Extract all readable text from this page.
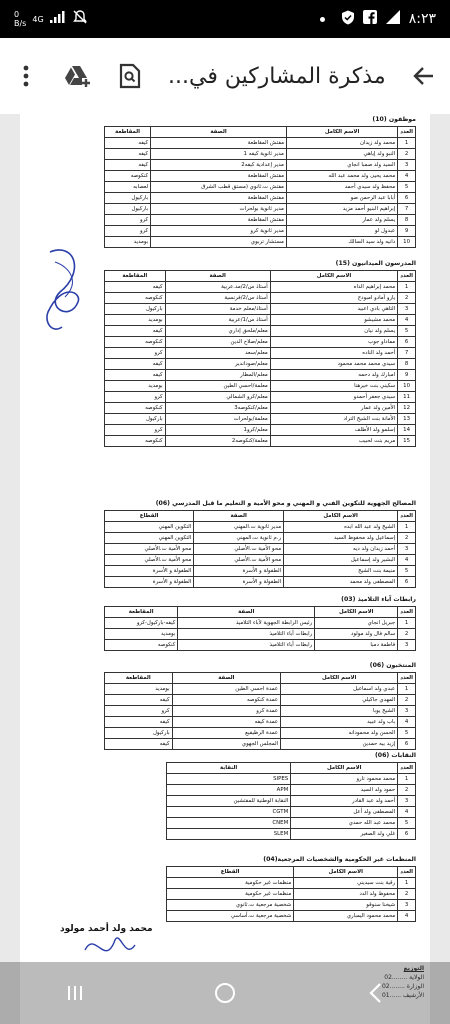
0
B/s 4G	٨:٢٣
مذكرة المشاركين في...
موظفون (10)
العدد	الاسم الكامل	الصفة	المقاطعة
1	محمد ولد زيدان	مفتش المقاطعة	كيفه
2	النبو ولد إياهي	مدير ثانوية كيفه 1	كيفه
3	السيد ولد صمبا انجاي	مدير إعدادية كيفه2	كيفه
4	محمد يحيى ولد محمد عبد الله	مفتش المقاطعة	كنكوصه
5	محفظ ولد سيدي أحمد	مفتش ت.ثانوي (مستق قطب الشرق	لعصابه
6	أبابا عبد الرحمن صو	مفتش المقاطعة	باركيول
7	إبراهيم البنيو أحمد مزيد	مدير ثانوية بولحرات	باركيول
8	يسلم ولد عمار	مفتش المقاطعة	كرو
9	عبدول لو	مدير ثانوية كرو	كرو
10	دانيه ولد سيد السالك	مستشار تربوي	بومديد
المدرسون الميدانيون (15)
العدد	الاسم الكامل	الصفة	المقاطعة
1	محمد إبراهيم الداه	أستاذ س/2/مد.عربية	كيفه
2	يارو آمادو امبودج	أستاذ س/2/فرنسية	كنكوصه
3	التاهي بادي اعبيد	أستاذ/معلم خدمة	باركيول
4	محمد مشيشو	أستاذ س/1/عربية	بومديد
5	يسلم ولد نيان	معلم/ملحق إداري	كيفه
6	مماداو جوب	معلم/صلاح الدين	كنكوصه
7	أحمد ولد الناده	معلم/سعد	كرو
8	سيدي محمد محمد محمود	معلم/صوداندير	كيفه
9	امبارك ولد دحمه	معلم/المطار	كيفه
10	سكيني بنت خيرهنا	معلمة/احسي الطين	بومديد
11	سيدي جعفر أحمدو	معلم/كرو الشمالي	كرو
12	الأمين ولد عمار	معلم/كنكوصه3	كنكوصه
13	الأمانة بنت الشيخ التراد	معلمة/بولحرات	باركيول
14	إسلمو ولد الأطلف	معلم/كرو1	كرو
15	مريم بنت لحبيب	معلمة/كنكوصه2	كنكوصه
المصالح الجهوية للتكوين الفني و المهني و محو الأمية و التعليم ما قبل المدرسي (06)
العدد	الاسم الكامل	الصفة	القطاع
1	الشيخ ولد عبد الله ابده	مدير ثانوية ت.المهني	التكوين المهني
2	إسماعيل ولد محفوظ السيد	ر.م ثانوية ت.المهني	التكوين المهني
3	أحمد زيدان ولد ديه	محو الأمية ت.الأصلي	محو الأمية ت.الأصلي
4	البشير ولد إسماعيل	محو الأمية ت.الأصلي	محو الأمية ت.الأصلي
5	منيمة بنت الشيخ	الطفولة و الأسرة	الطفولة و الأسرة
6	المصطفى ولد محمد	الطفولة و الأسرة	الطفولة و الأسرة
رابطات آباء التلاميذ (03)
العدد	الاسم الكامل	الصفة	المقاطعة
1	جبريل انجاي	رئيس الرابطة الجهوية لآباء التلاميذ	كيفه-باركيول-كرو
2	سالم فال ولد مولود	رابطات آباء التلاميذ	بومديد
3	فاطمة دمبا	رابطات آباء التلاميذ	كنكوصه
المنتخبون (06)
العدد	الاسم الكامل	الصفة	المقاطعة
1	عبدي ولد اسماعيل	عمدة احسي الطين	بومديد
2	المهدي جاكيلي	عمدة كنكوصه	كيفه
3	الشيخ يوبا	عمدة كرو	كرو
4	باب ولد عبيد	عمدة كيفه	كيفه
5	الحسن ولد محمودانه	عمدة الرظيفيع	باركيول
6	إزيد بيه حمدين	المجلس الجهوي	كيفه
النقابات (06)
العدد	الاسم الكامل	النقابة
1	محمد محمود تارو	SIPES
2	حمود ولد السيد	APM
3	أحمد ولد عبد القادر	النقابة الوطنية للمفتشين
4	المصطفى ولد أعل	CGTM
5	محمد عبد الله حمدي	CNEM
6	غلي ولد الصغير	SLEM
المنظمات غير الحكومية والشخصيات المرجعية(04)
العدد	الاسم الكامل	القطاع
1	رقية بنت سيديني	منظمات غير حكومية
2	محفوظ ولد الدد	منظمات غير حكومية
3	شيخنا سنوقو	شخصية مرجعية ت.ثانوي
4	محمد محمود اليمباري	شخصية مرجعية ت.أساسي
محمد ولد أحمد مولود
التوزيع
الولاية ........02
الوزارة ........02
الأرشيف ......01
